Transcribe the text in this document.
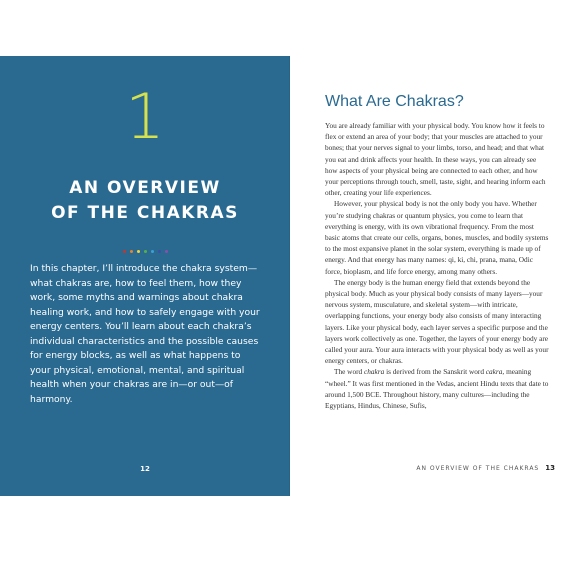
1
AN OVERVIEW
OF THE CHAKRAS
In this chapter, I’ll introduce the chakra system—what chakras are, how to feel them, how they work, some myths and warnings about chakra healing work, and how to safely engage with your energy centers. You’ll learn about each chakra’s individual characteristics and the possible causes for energy blocks, as well as what happens to your physical, emotional, mental, and spiritual health when your chakras are in—or out—of harmony.
12
What Are Chakras?

You are already familiar with your physical body. You know how it feels to flex or extend an area of your body; that your muscles are attached to your bones; that your nerves signal to your limbs, torso, and head; and that what you eat and drink affects your health. In these ways, you can already see how aspects of your physical being are connected to each other, and how your perceptions through touch, smell, taste, sight, and hearing inform each other, creating your life experiences.

However, your physical body is not the only body you have. Whether you’re studying chakras or quantum physics, you come to learn that everything is energy, with its own vibrational frequency. From the most basic atoms that create our cells, organs, bones, muscles, and bodily systems to the most expansive planet in the solar system, everything is made up of energy. And that energy has many names: qi, ki, chi, prana, mana, Odic force, bioplasm, and life force energy, among many others.

The energy body is the human energy field that extends beyond the physical body. Much as your physical body consists of many layers—your nervous system, musculature, and skeletal system—with intricate, overlapping functions, your energy body also consists of many interacting layers. Like your physical body, each layer serves a specific purpose and the layers work collectively as one. Together, the layers of your energy body are called your aura. Your aura interacts with your physical body as well as your energy centers, or chakras.

The word chakra is derived from the Sanskrit word cakra, meaning “wheel.” It was first mentioned in the Vedas, ancient Hindu texts that date to around 1,500 BCE. Throughout history, many cultures—including the Egyptians, Hindus, Chinese, Sufis,

AN OVERVIEW OF THE CHAKRAS 13
